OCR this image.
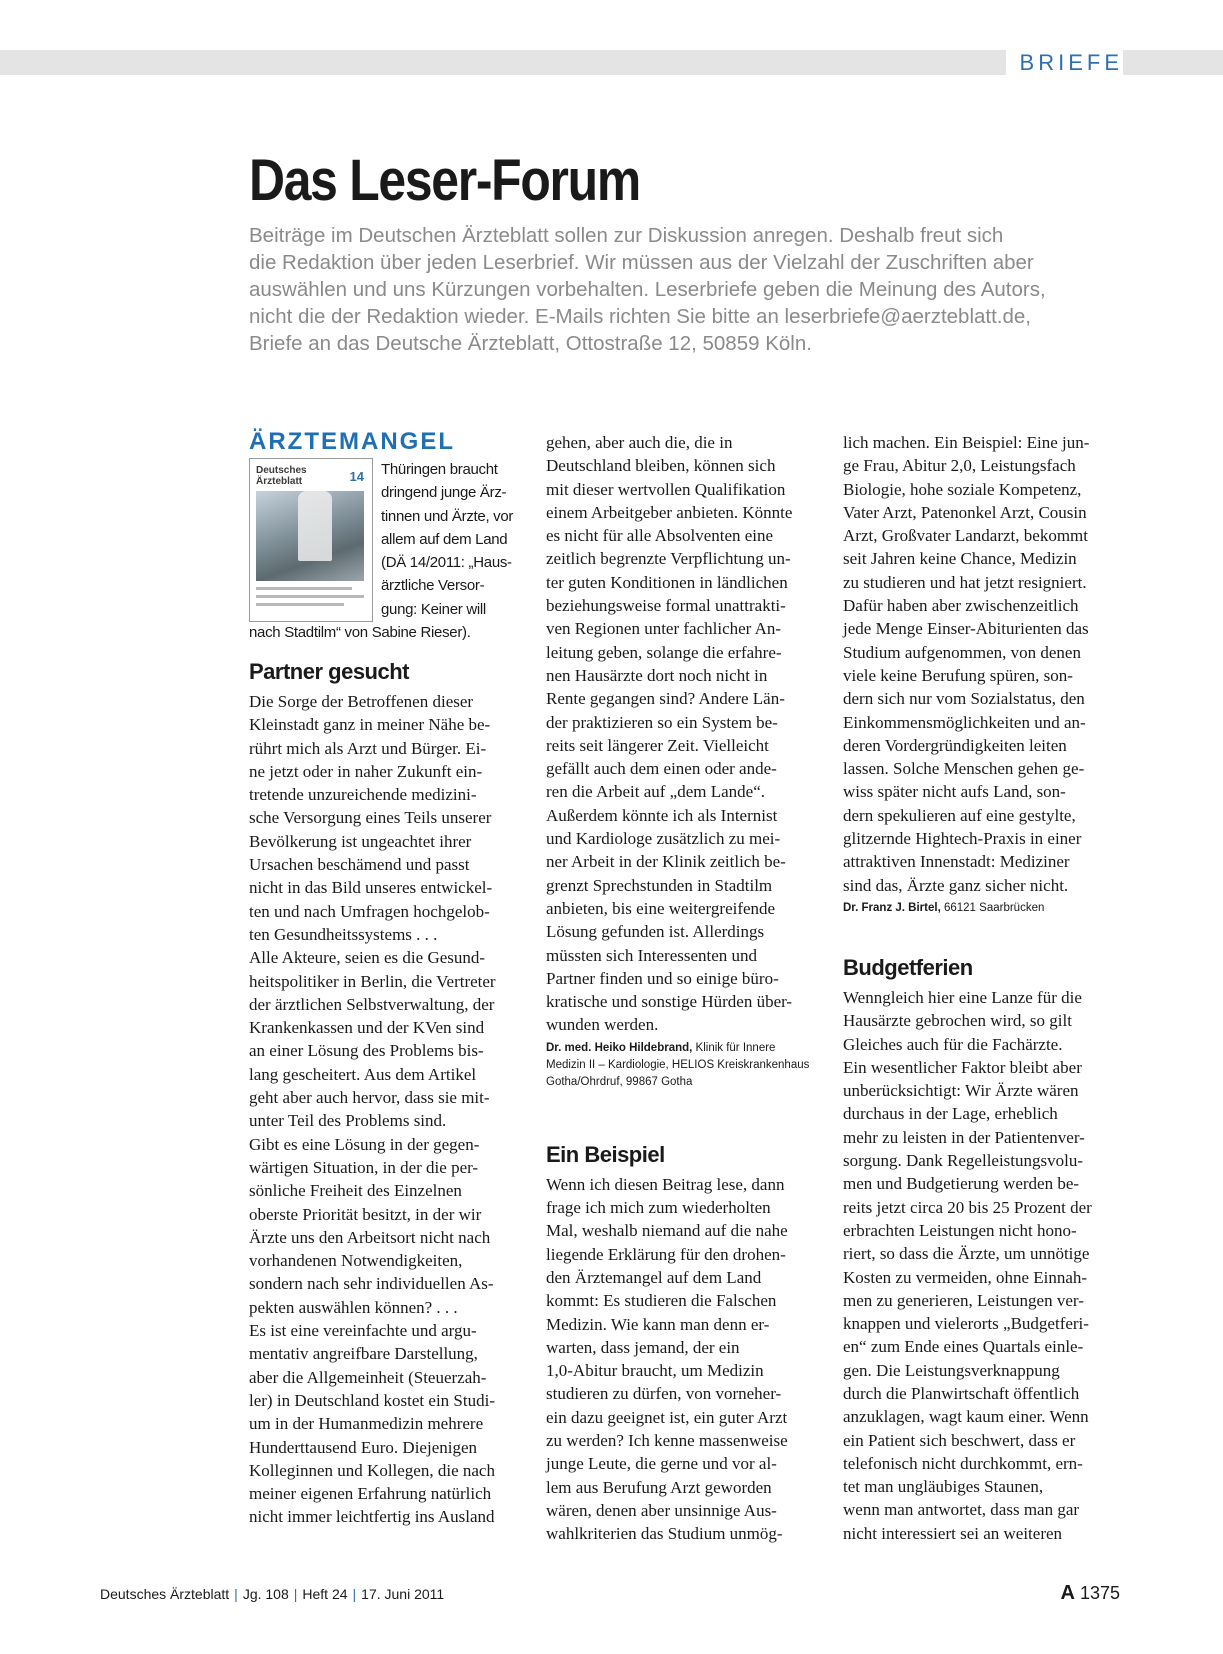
BRIEFE
Das Leser-Forum
Beiträge im Deutschen Ärzteblatt sollen zur Diskussion anregen. Deshalb freut sich
die Redaktion über jeden Leserbrief. Wir müssen aus der Vielzahl der Zuschriften aber
auswählen und uns Kürzungen vorbehalten. Leserbriefe geben die Meinung des Autors,
nicht die der Redaktion wieder. E-Mails richten Sie bitte an leserbriefe@aerzteblatt.de,
Briefe an das Deutsche Ärzteblatt, Ottostraße 12, 50859 Köln.
ÄRZTEMANGEL
Deutsches Ärzteblatt	14	Thüringen braucht
dringend junge Ärz-
tinnen und Ärzte, vor
allem auf dem Land
(DÄ 14/2011: „Haus-
ärztliche Versor-
gung: Keiner will
nach Stadtilm“ von Sabine Rieser).
Partner gesucht
Die Sorge der Betroffenen dieser
Kleinstadt ganz in meiner Nähe be-
rührt mich als Arzt und Bürger. Ei-
ne jetzt oder in naher Zukunft ein-
tretende unzureichende medizini-
sche Versorgung eines Teils unserer
Bevölkerung ist ungeachtet ihrer
Ursachen beschämend und passt
nicht in das Bild unseres entwickel-
ten und nach Umfragen hochgelob-
ten Gesundheitssystems . . .
Alle Akteure, seien es die Gesund-
heitspolitiker in Berlin, die Vertreter
der ärztlichen Selbstverwaltung, der
Krankenkassen und der KVen sind
an einer Lösung des Problems bis-
lang gescheitert. Aus dem Artikel
geht aber auch hervor, dass sie mit-
unter Teil des Problems sind.
Gibt es eine Lösung in der gegen-
wärtigen Situation, in der die per-
sönliche Freiheit des Einzelnen
oberste Priorität besitzt, in der wir
Ärzte uns den Arbeitsort nicht nach
vorhandenen Notwendigkeiten,
sondern nach sehr individuellen As-
pekten auswählen können? . . .
Es ist eine vereinfachte und argu-
mentativ angreifbare Darstellung,
aber die Allgemeinheit (Steuerzah-
ler) in Deutschland kostet ein Studi-
um in der Humanmedizin mehrere
Hunderttausend Euro. Diejenigen
Kolleginnen und Kollegen, die nach
meiner eigenen Erfahrung natürlich
nicht immer leichtfertig ins Ausland
gehen, aber auch die, die in
Deutschland bleiben, können sich
mit dieser wertvollen Qualifikation
einem Arbeitgeber anbieten. Könnte
es nicht für alle Absolventen eine
zeitlich begrenzte Verpflichtung un-
ter guten Konditionen in ländlichen
beziehungsweise formal unattrakti-
ven Regionen unter fachlicher An-
leitung geben, solange die erfahre-
nen Hausärzte dort noch nicht in
Rente gegangen sind? Andere Län-
der praktizieren so ein System be-
reits seit längerer Zeit. Vielleicht
gefällt auch dem einen oder ande-
ren die Arbeit auf „dem Lande“.
Außerdem könnte ich als Internist
und Kardiologe zusätzlich zu mei-
ner Arbeit in der Klinik zeitlich be-
grenzt Sprechstunden in Stadtilm
anbieten, bis eine weitergreifende
Lösung gefunden ist. Allerdings
müssten sich Interessenten und
Partner finden und so einige büro-
kratische und sonstige Hürden über-
wunden werden.
Dr. med. Heiko Hildebrand, Klinik für Innere
Medizin II – Kardiologie, HELIOS Kreiskrankenhaus
Gotha/Ohrdruf, 99867 Gotha
Ein Beispiel
Wenn ich diesen Beitrag lese, dann
frage ich mich zum wiederholten
Mal, weshalb niemand auf die nahe
liegende Erklärung für den drohen-
den Ärztemangel auf dem Land
kommt: Es studieren die Falschen
Medizin. Wie kann man denn er-
warten, dass jemand, der ein
1,0-Abitur braucht, um Medizin
studieren zu dürfen, von vorneher-
ein dazu geeignet ist, ein guter Arzt
zu werden? Ich kenne massenweise
junge Leute, die gerne und vor al-
lem aus Berufung Arzt geworden
wären, denen aber unsinnige Aus-
wahlkriterien das Studium unmög-
lich machen. Ein Beispiel: Eine jun-
ge Frau, Abitur 2,0, Leistungsfach
Biologie, hohe soziale Kompetenz,
Vater Arzt, Patenonkel Arzt, Cousin
Arzt, Großvater Landarzt, bekommt
seit Jahren keine Chance, Medizin
zu studieren und hat jetzt resigniert.
Dafür haben aber zwischenzeitlich
jede Menge Einser-Abiturienten das
Studium aufgenommen, von denen
viele keine Berufung spüren, son-
dern sich nur vom Sozialstatus, den
Einkommensmöglichkeiten und an-
deren Vordergründigkeiten leiten
lassen. Solche Menschen gehen ge-
wiss später nicht aufs Land, son-
dern spekulieren auf eine gestylte,
glitzernde Hightech-Praxis in einer
attraktiven Innenstadt: Mediziner
sind das, Ärzte ganz sicher nicht.
Dr. Franz J. Birtel, 66121 Saarbrücken
Budgetferien
Wenngleich hier eine Lanze für die
Hausärzte gebrochen wird, so gilt
Gleiches auch für die Fachärzte.
Ein wesentlicher Faktor bleibt aber
unberücksichtigt: Wir Ärzte wären
durchaus in der Lage, erheblich
mehr zu leisten in der Patientenver-
sorgung. Dank Regelleistungsvolu-
men und Budgetierung werden be-
reits jetzt circa 20 bis 25 Prozent der
erbrachten Leistungen nicht hono-
riert, so dass die Ärzte, um unnötige
Kosten zu vermeiden, ohne Einnah-
men zu generieren, Leistungen ver-
knappen und vielerorts „Budgetferi-
en“ zum Ende eines Quartals einle-
gen. Die Leistungsverknappung
durch die Planwirtschaft öffentlich
anzuklagen, wagt kaum einer. Wenn
ein Patient sich beschwert, dass er
telefonisch nicht durchkommt, ern-
tet man ungläubiges Staunen,
wenn man antwortet, dass man gar
nicht interessiert sei an weiteren
Deutsches Ärzteblatt | Jg. 108 | Heft 24 | 17. Juni 2011	A 1375
